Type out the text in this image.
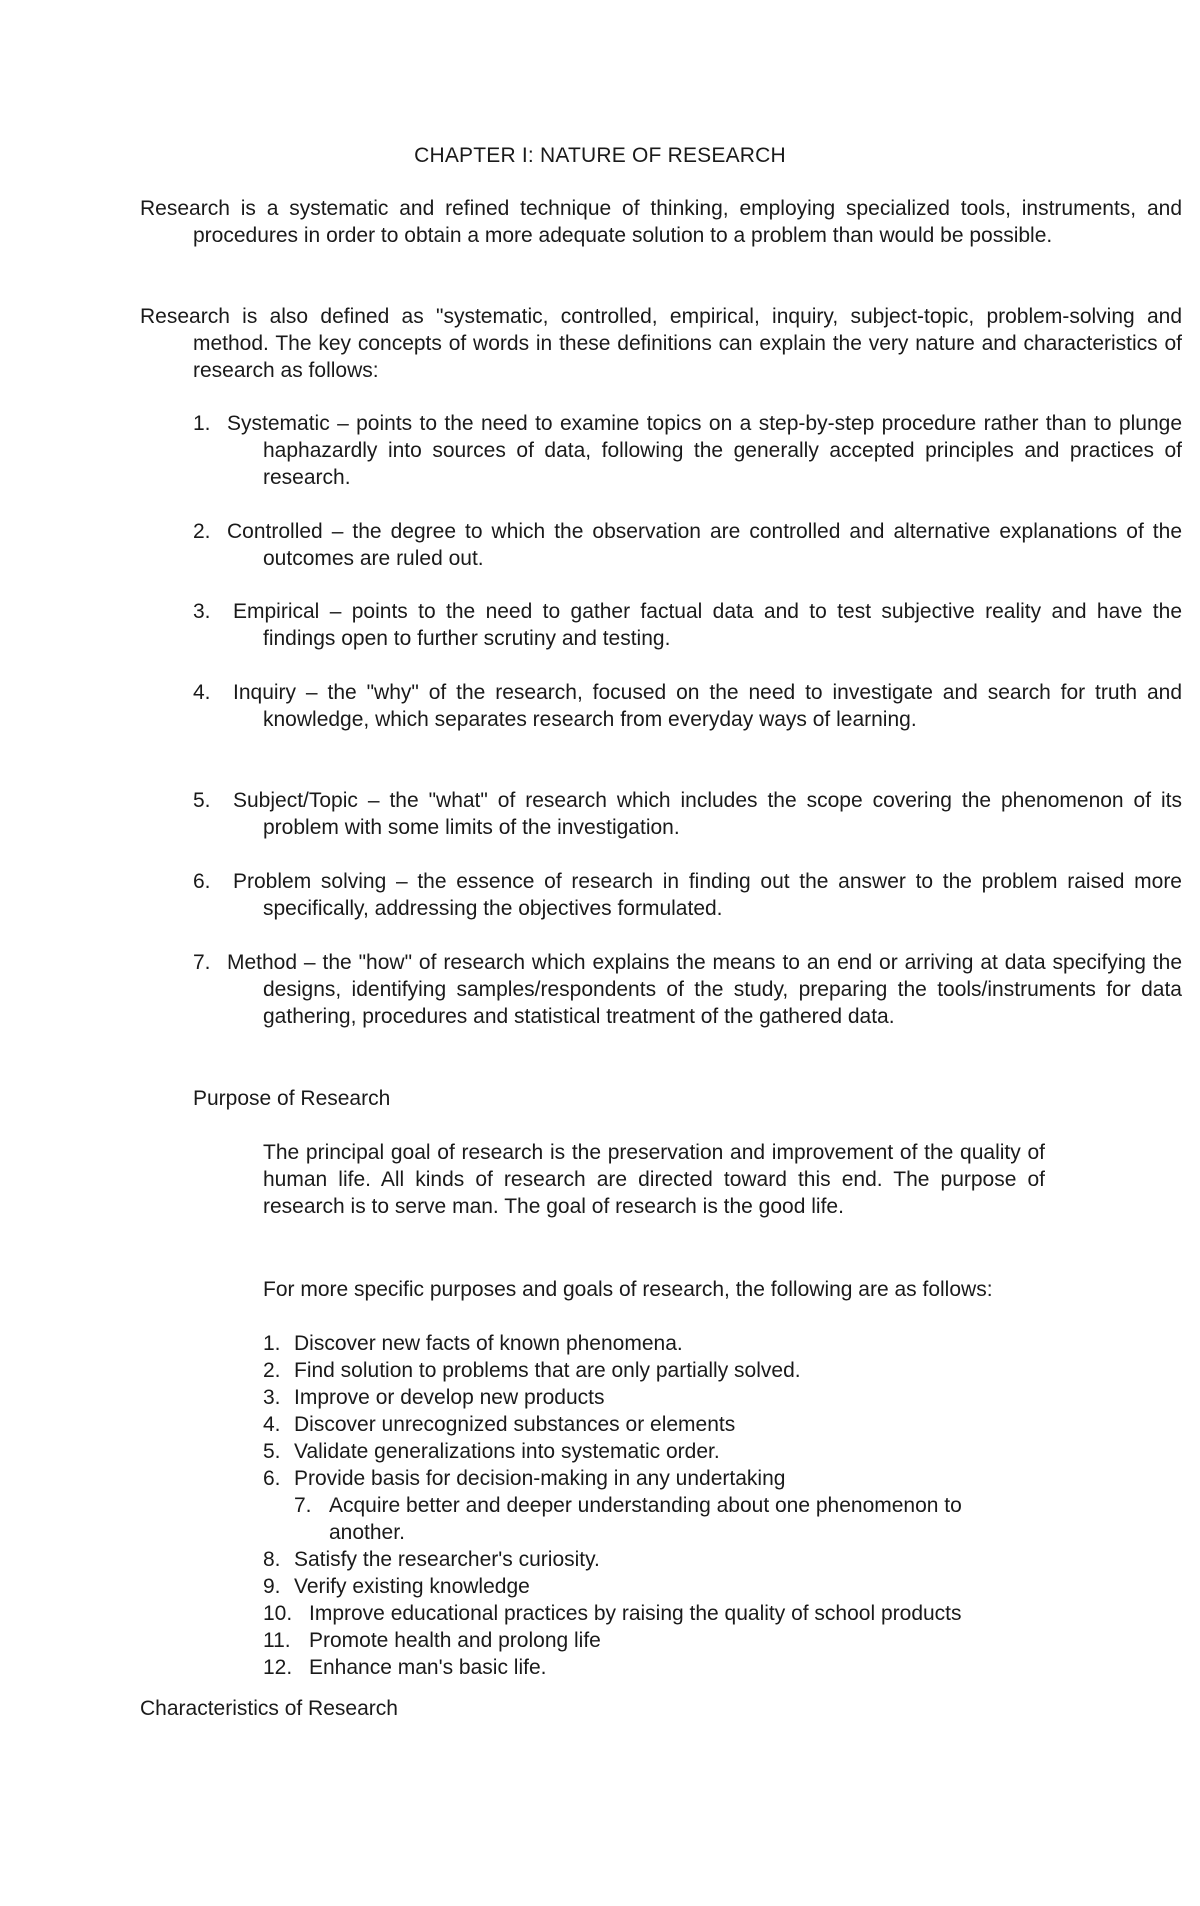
CHAPTER I: NATURE OF RESEARCH
Research is a systematic and refined technique of thinking, employing specialized tools, instruments, and procedures in order to obtain a more adequate solution to a problem than would be possible.
Research is also defined as "systematic, controlled, empirical, inquiry, subject-topic, problem-solving and method. The key concepts of words in these definitions can explain the very nature and characteristics of research as follows:
1. Systematic – points to the need to examine topics on a step-by-step procedure rather than to plunge haphazardly into sources of data, following the generally accepted principles and practices of research.
2. Controlled – the degree to which the observation are controlled and alternative explanations of the outcomes are ruled out.
3. Empirical – points to the need to gather factual data and to test subjective reality and have the findings open to further scrutiny and testing.
4. Inquiry – the "why" of the research, focused on the need to investigate and search for truth and knowledge, which separates research from everyday ways of learning.
5. Subject/Topic – the "what" of research which includes the scope covering the phenomenon of its problem with some limits of the investigation.
6. Problem solving – the essence of research in finding out the answer to the problem raised more specifically, addressing the objectives formulated.
7. Method – the "how" of research which explains the means to an end or arriving at data specifying the designs, identifying samples/respondents of the study, preparing the tools/instruments for data gathering, procedures and statistical treatment of the gathered data.
Purpose of Research
The principal goal of research is the preservation and improvement of the quality of human life. All kinds of research are directed toward this end. The purpose of research is to serve man. The goal of research is the good life.
For more specific purposes and goals of research, the following are as follows:
1. Discover new facts of known phenomena.
2. Find solution to problems that are only partially solved.
3. Improve or develop new products
4. Discover unrecognized substances or elements
5. Validate generalizations into systematic order.
6. Provide basis for decision-making in any undertaking
7. Acquire better and deeper understanding about one phenomenon to
another.
8. Satisfy the researcher's curiosity.
9. Verify existing knowledge
10. Improve educational practices by raising the quality of school products
11. Promote health and prolong life
12. Enhance man's basic life.
Characteristics of Research
